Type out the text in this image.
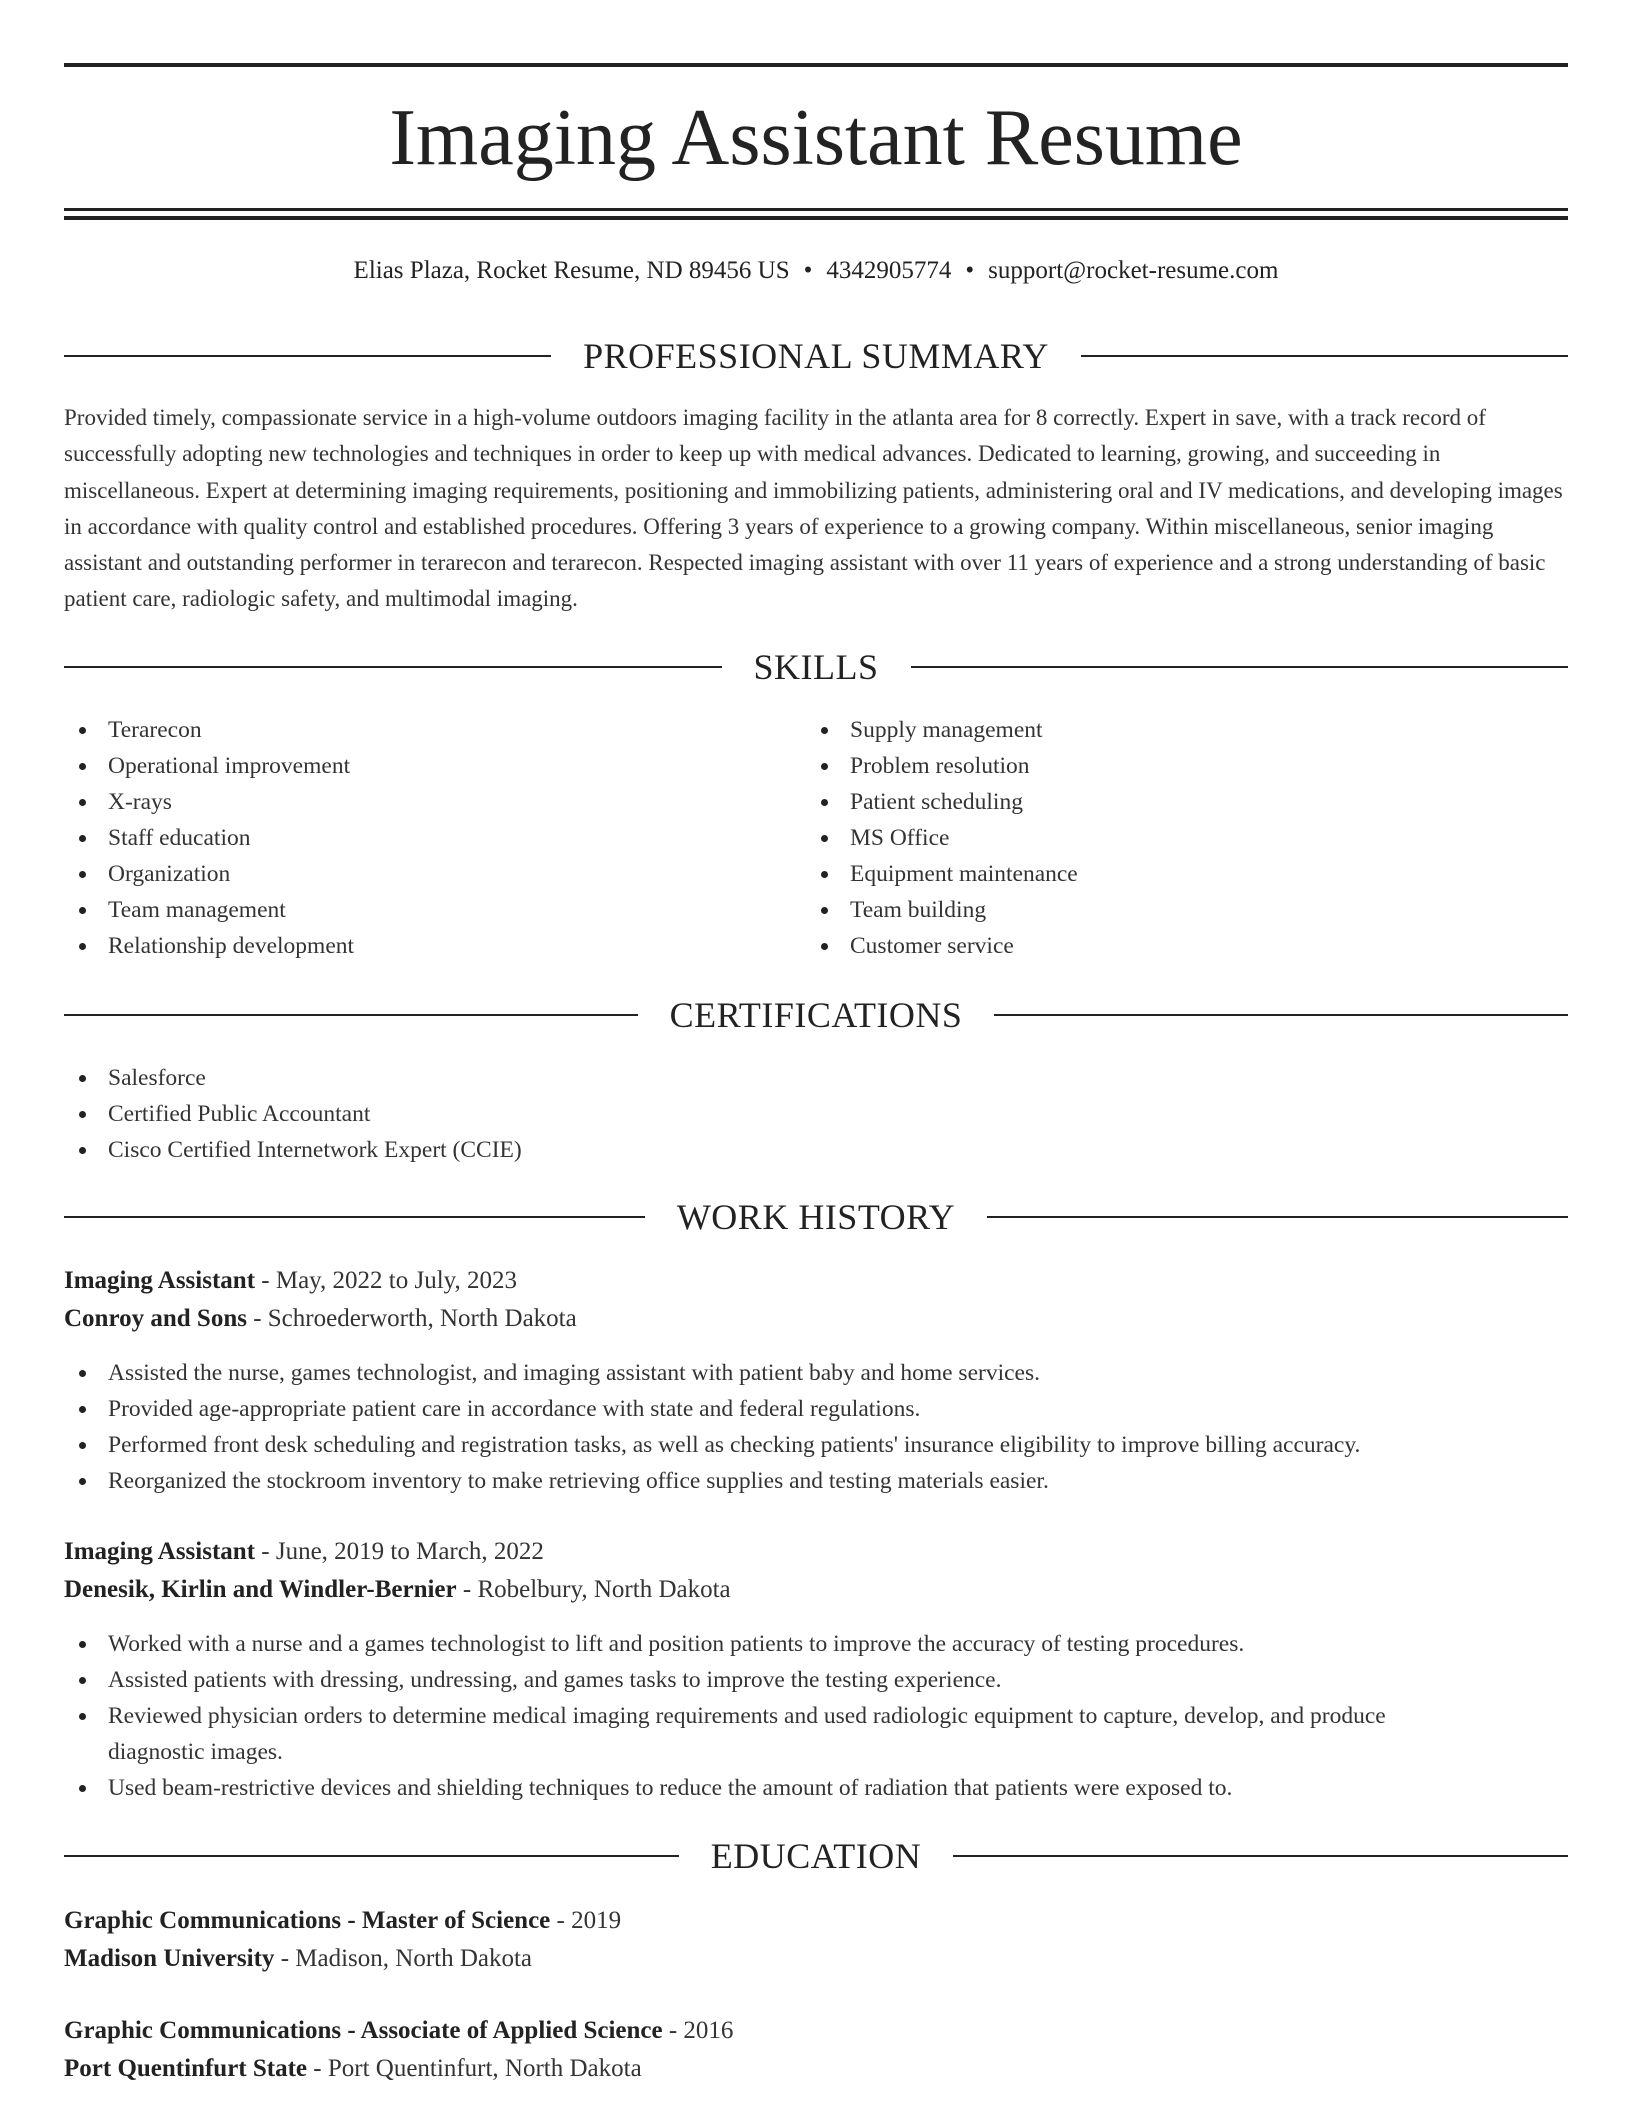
Imaging Assistant Resume
Elias Plaza, Rocket Resume, ND 89456 US • 4342905774 • support@rocket-resume.com
PROFESSIONAL SUMMARY

Provided timely, compassionate service in a high-volume outdoors imaging facility in the atlanta area for 8 correctly. Expert in save, with a track record of successfully adopting new technologies and techniques in order to keep up with medical advances. Dedicated to learning, growing, and succeeding in miscellaneous. Expert at determining imaging requirements, positioning and immobilizing patients, administering oral and IV medications, and developing images in accordance with quality control and established procedures. Offering 3 years of experience to a growing company. Within miscellaneous, senior imaging assistant and outstanding performer in terarecon and terarecon. Respected imaging assistant with over 11 years of experience and a strong understanding of basic patient care, radiologic safety, and multimodal imaging.

SKILLS
Terarecon
Operational improvement
X-rays
Staff education
Organization
Team management
Relationship development
Supply management
Problem resolution
Patient scheduling
MS Office
Equipment maintenance
Team building
Customer service
CERTIFICATIONS
Salesforce
Certified Public Accountant
Cisco Certified Internetwork Expert (CCIE)
WORK HISTORY
Imaging Assistant - May, 2022 to July, 2023
Conroy and Sons - Schroederworth, North Dakota
Assisted the nurse, games technologist, and imaging assistant with patient baby and home services.
Provided age-appropriate patient care in accordance with state and federal regulations.
Performed front desk scheduling and registration tasks, as well as checking patients' insurance eligibility to improve billing accuracy.
Reorganized the stockroom inventory to make retrieving office supplies and testing materials easier.
Imaging Assistant - June, 2019 to March, 2022
Denesik, Kirlin and Windler-Bernier - Robelbury, North Dakota
Worked with a nurse and a games technologist to lift and position patients to improve the accuracy of testing procedures.
Assisted patients with dressing, undressing, and games tasks to improve the testing experience.
Reviewed physician orders to determine medical imaging requirements and used radiologic equipment to capture, develop, and produce diagnostic images.
Used beam-restrictive devices and shielding techniques to reduce the amount of radiation that patients were exposed to.
EDUCATION
Graphic Communications - Master of Science - 2019
Madison University - Madison, North Dakota
Graphic Communications - Associate of Applied Science - 2016
Port Quentinfurt State - Port Quentinfurt, North Dakota
